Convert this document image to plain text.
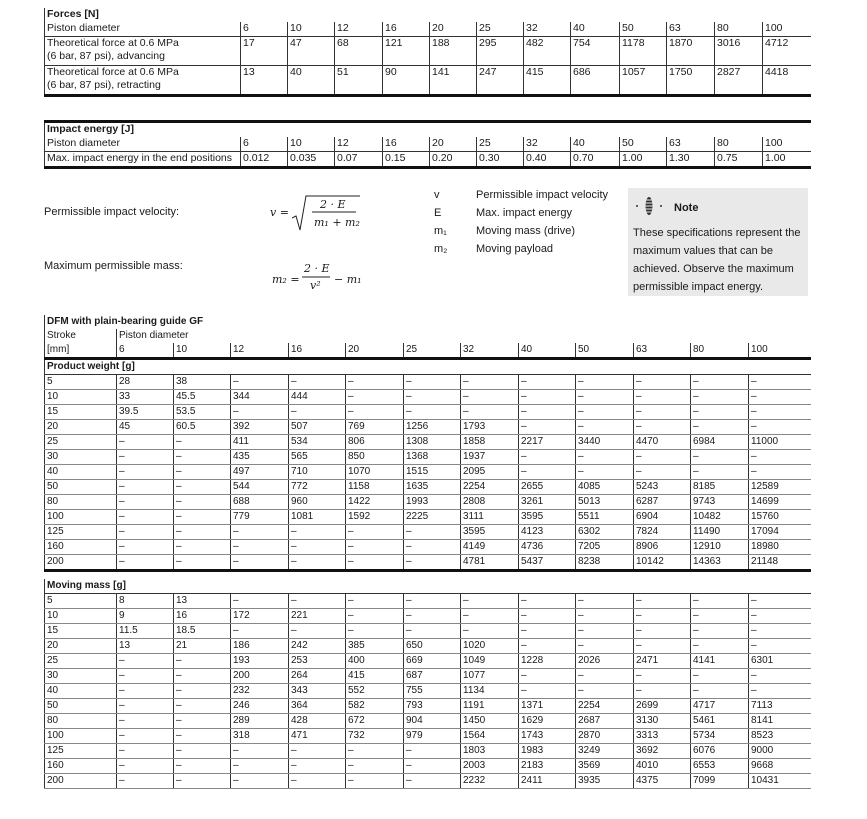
Forces [N]												
Piston diameter	6	10	12	16	20	25	32	40	50	63	80	100

Theoretical force at 0.6 MPa
(6 bar, 87 psi), advancing	17	47	68	121	188	295	482	754	1178	1870	3016	4712

Theoretical force at 0.6 MPa
(6 bar, 87 psi), retracting	13	40	51	90	141	247	415	686	1057	1750	2827	4418
Impact energy [J]												
Piston diameter	6	10	12	16	20	25	32	40	50	63	80	100
Max. impact energy in the end positions	0.012	0.035	0.07	0.15	0.20	0.30	0.40	0.70	1.00	1.30	0.75	1.00
Permissible impact velocity:
Maximum permissible mass:
v =
2 · E
m₁ + m₂
m₂ =
2 · E
v² − m₁
v	Permissible impact velocity
E	Max. impact energy
m₁	Moving mass (drive)
m₂	Moving payload
Note
These specifications represent the
maximum values that can be
achieved. Observe the maximum
permissible impact energy.
DFM with plain-bearing guide GF												
Stroke	Piston diameter											
[mm]	6	10	12	16	20	25	32	40	50	63	80	100
Product weight [g]												
5	28	38	–	–	–	–	–	–	–	–	–	–
10	33	45.5	344	444	–	–	–	–	–	–	–	–
15	39.5	53.5	–	–	–	–	–	–	–	–	–	–
20	45	60.5	392	507	769	1256	1793	–	–	–	–	–
25	–	–	411	534	806	1308	1858	2217	3440	4470	6984	11000
30	–	–	435	565	850	1368	1937	–	–	–	–	–
40	–	–	497	710	1070	1515	2095	–	–	–	–	–
50	–	–	544	772	1158	1635	2254	2655	4085	5243	8185	12589
80	–	–	688	960	1422	1993	2808	3261	5013	6287	9743	14699
100	–	–	779	1081	1592	2225	3111	3595	5511	6904	10482	15760
125	–	–	–	–	–	–	3595	4123	6302	7824	11490	17094
160	–	–	–	–	–	–	4149	4736	7205	8906	12910	18980
200	–	–	–	–	–	–	4781	5437	8238	10142	14363	21148

Moving mass [g]												
5	8	13	–	–	–	–	–	–	–	–	–	–
10	9	16	172	221	–	–	–	–	–	–	–	–
15	11.5	18.5	–	–	–	–	–	–	–	–	–	–
20	13	21	186	242	385	650	1020	–	–	–	–	–
25	–	–	193	253	400	669	1049	1228	2026	2471	4141	6301
30	–	–	200	264	415	687	1077	–	–	–	–	–
40	–	–	232	343	552	755	1134	–	–	–	–	–
50	–	–	246	364	582	793	1191	1371	2254	2699	4717	7113
80	–	–	289	428	672	904	1450	1629	2687	3130	5461	8141
100	–	–	318	471	732	979	1564	1743	2870	3313	5734	8523
125	–	–	–	–	–	–	1803	1983	3249	3692	6076	9000
160	–	–	–	–	–	–	2003	2183	3569	4010	6553	9668
200	–	–	–	–	–	–	2232	2411	3935	4375	7099	10431
